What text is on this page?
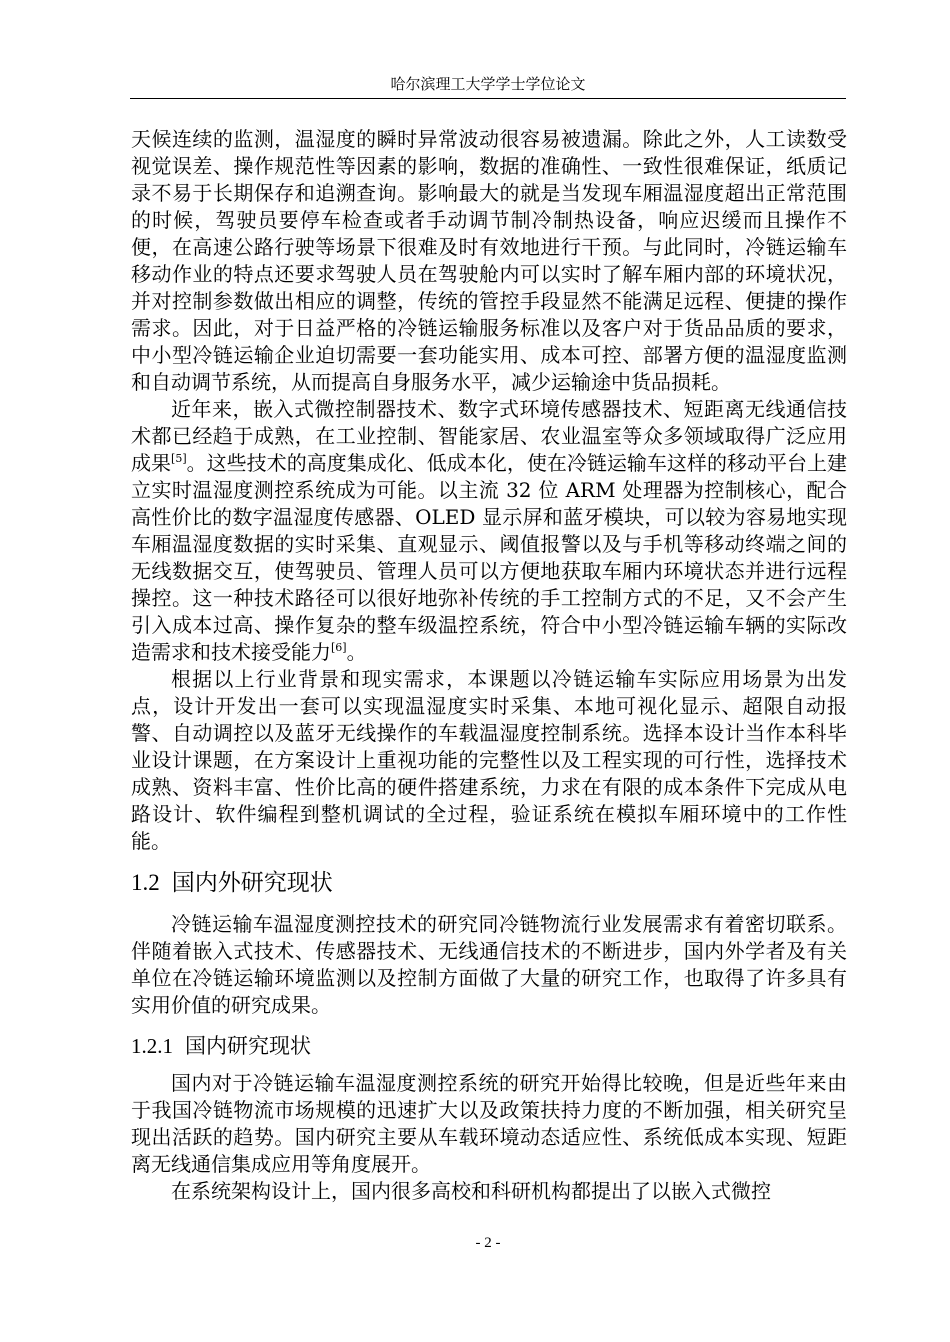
哈尔滨理工大学学士学位论文

天候连续的监测，温湿度的瞬时异常波动很容易被遗漏。除此之外，人工读数受视觉误差、操作规范性等因素的影响，数据的准确性、一致性很难保证，纸质记录不易于长期保存和追溯查询。影响最大的就是当发现车厢温湿度超出正常范围的时候，驾驶员要停车检查或者手动调节制冷制热设备，响应迟缓而且操作不便，在高速公路行驶等场景下很难及时有效地进行干预。与此同时，冷链运输车移动作业的特点还要求驾驶人员在驾驶舱内可以实时了解车厢内部的环境状况，并对控制参数做出相应的调整，传统的管控手段显然不能满足远程、便捷的操作需求。因此，对于日益严格的冷链运输服务标准以及客户对于货品品质的要求，中小型冷链运输企业迫切需要一套功能实用、成本可控、部署方便的温湿度监测和自动调节系统，从而提高自身服务水平，减少运输途中货品损耗。

近年来，嵌入式微控制器技术、数字式环境传感器技术、短距离无线通信技术都已经趋于成熟，在工业控制、智能家居、农业温室等众多领域取得广泛应用成果[5]。这些技术的高度集成化、低成本化，使在冷链运输车这样的移动平台上建立实时温湿度测控系统成为可能。以主流 32 位 ARM 处理器为控制核心，配合高性价比的数字温湿度传感器、OLED 显示屏和蓝牙模块，可以较为容易地实现车厢温湿度数据的实时采集、直观显示、阈值报警以及与手机等移动终端之间的无线数据交互，使驾驶员、管理人员可以方便地获取车厢内环境状态并进行远程操控。这一种技术路径可以很好地弥补传统的手工控制方式的不足，又不会产生引入成本过高、操作复杂的整车级温控系统，符合中小型冷链运输车辆的实际改造需求和技术接受能力[6]。

根据以上行业背景和现实需求，本课题以冷链运输车实际应用场景为出发点，设计开发出一套可以实现温湿度实时采集、本地可视化显示、超限自动报警、自动调控以及蓝牙无线操作的车载温湿度控制系统。选择本设计当作本科毕业设计课题，在方案设计上重视功能的完整性以及工程实现的可行性，选择技术成熟、资料丰富、性价比高的硬件搭建系统，力求在有限的成本条件下完成从电路设计、软件编程到整机调试的全过程，验证系统在模拟车厢环境中的工作性能。

1.2 国内外研究现状

冷链运输车温湿度测控技术的研究同冷链物流行业发展需求有着密切联系。伴随着嵌入式技术、传感器技术、无线通信技术的不断进步，国内外学者及有关单位在冷链运输环境监测以及控制方面做了大量的研究工作，也取得了许多具有实用价值的研究成果。

1.2.1 国内研究现状

国内对于冷链运输车温湿度测控系统的研究开始得比较晚，但是近些年来由于我国冷链物流市场规模的迅速扩大以及政策扶持力度的不断加强，相关研究呈现出活跃的趋势。国内研究主要从车载环境动态适应性、系统低成本实现、短距离无线通信集成应用等角度展开。

在系统架构设计上，国内很多高校和科研机构都提出了以嵌入式微控

- 2 -
